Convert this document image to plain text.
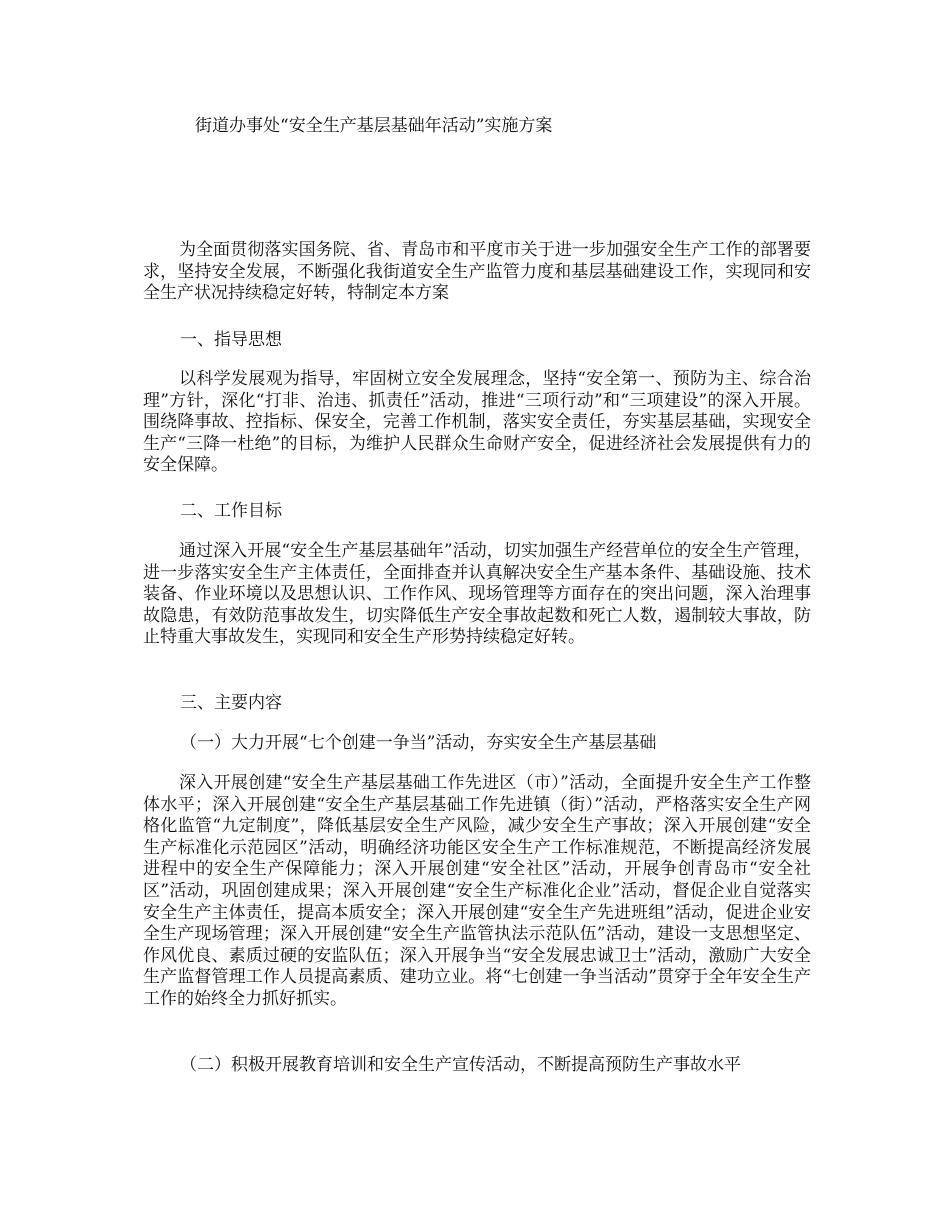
街道办事处“安全生产基层基础年活动”实施方案

为全面贯彻落实国务院、省、青岛市和平度市关于进一步加强安全生产工作的部署要求，坚持安全发展，不断强化我街道安全生产监管力度和基层基础建设工作，实现同和安全生产状况持续稳定好转，特制定本方案

一、指导思想

以科学发展观为指导，牢固树立安全发展理念，坚持“安全第一、预防为主、综合治理”方针，深化“打非、治违、抓责任”活动，推进“三项行动”和“三项建设”的深入开展。围绕降事故、控指标、保安全，完善工作机制，落实安全责任，夯实基层基础，实现安全生产“三降一杜绝”的目标，为维护人民群众生命财产安全，促进经济社会发展提供有力的安全保障。

二、工作目标

通过深入开展“安全生产基层基础年”活动，切实加强生产经营单位的安全生产管理，进一步落实安全生产主体责任，全面排查并认真解决安全生产基本条件、基础设施、技术装备、作业环境以及思想认识、工作作风、现场管理等方面存在的突出问题，深入治理事故隐患，有效防范事故发生，切实降低生产安全事故起数和死亡人数，遏制较大事故，防止特重大事故发生，实现同和安全生产形势持续稳定好转。

三、主要内容

（一）大力开展“七个创建一争当”活动，夯实安全生产基层基础

深入开展创建“安全生产基层基础工作先进区（市）”活动，全面提升安全生产工作整体水平；深入开展创建“安全生产基层基础工作先进镇（街）”活动，严格落实安全生产网格化监管“九定制度”，降低基层安全生产风险，减少安全生产事故；深入开展创建“安全生产标准化示范园区”活动，明确经济功能区安全生产工作标准规范，不断提高经济发展进程中的安全生产保障能力；深入开展创建“安全社区”活动，开展争创青岛市“安全社区”活动，巩固创建成果；深入开展创建“安全生产标准化企业”活动，督促企业自觉落实安全生产主体责任，提高本质安全；深入开展创建“安全生产先进班组”活动，促进企业安全生产现场管理；深入开展创建“安全生产监管执法示范队伍”活动，建设一支思想坚定、作风优良、素质过硬的安监队伍；深入开展争当“安全发展忠诚卫士”活动，激励广大安全生产监督管理工作人员提高素质、建功立业。将“七创建一争当活动”贯穿于全年安全生产工作的始终全力抓好抓实。

（二）积极开展教育培训和安全生产宣传活动，不断提高预防生产事故水平
